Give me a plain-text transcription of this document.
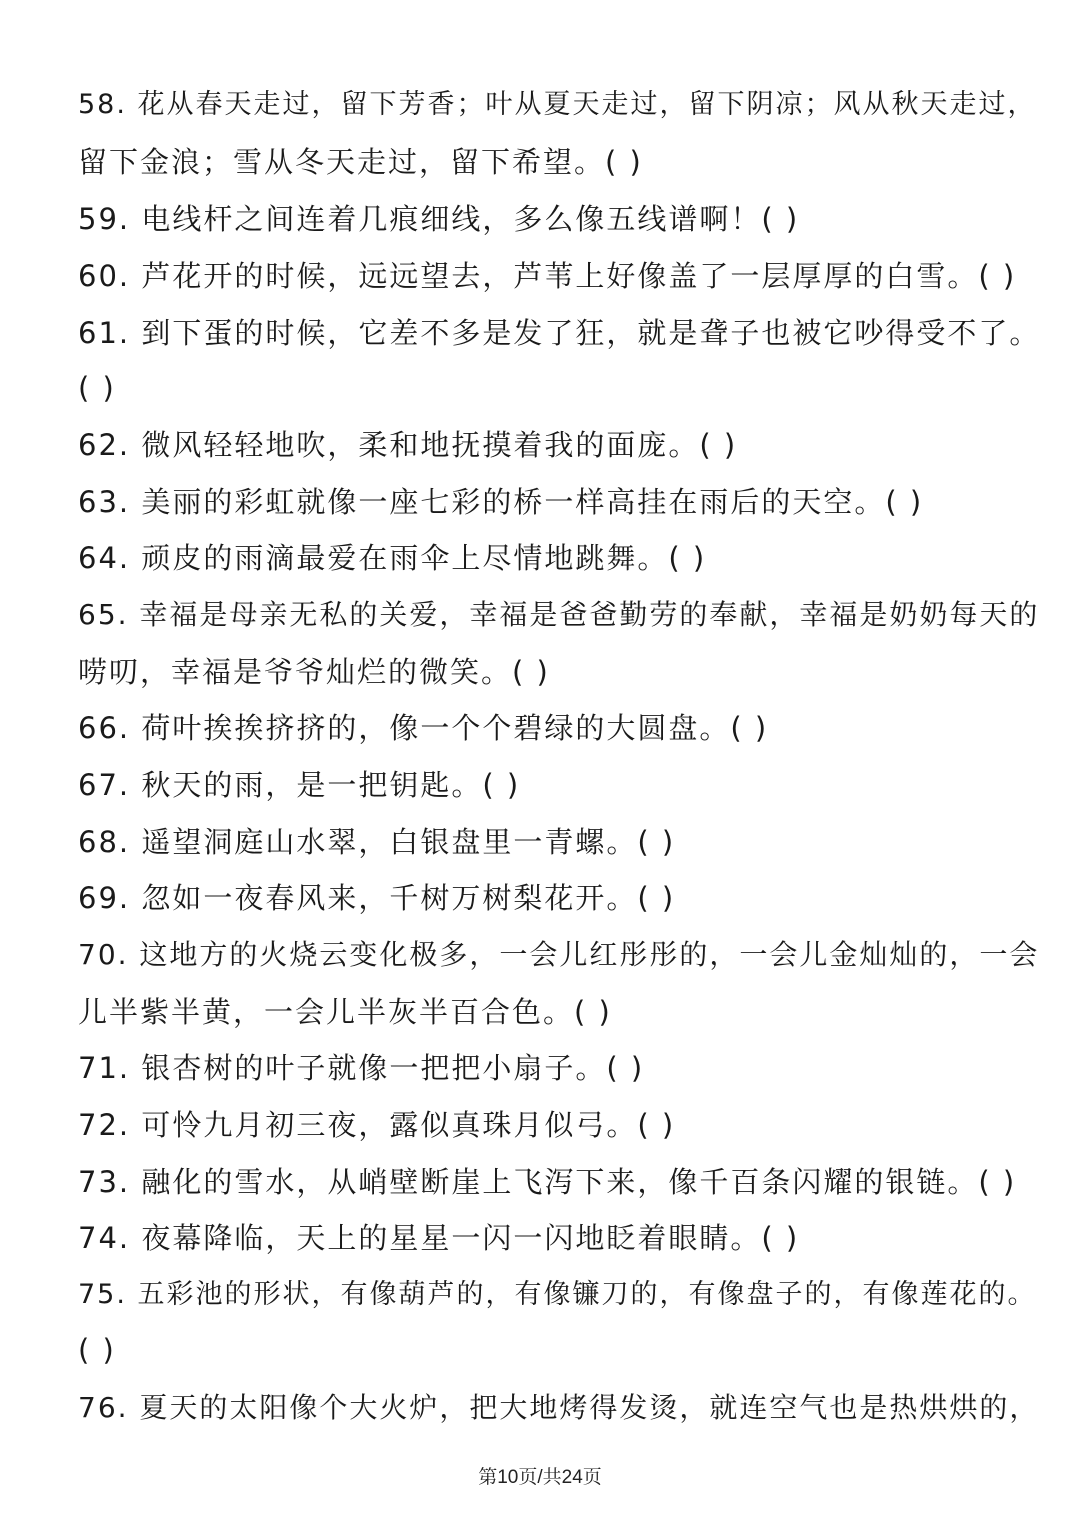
58. 花从春天走过，留下芳香；叶从夏天走过，留下阴凉；风从秋天走过，
留下金浪；雪从冬天走过，留下希望。( )
59. 电线杆之间连着几痕细线，多么像五线谱啊！( )
60. 芦花开的时候，远远望去，芦苇上好像盖了一层厚厚的白雪。( )
61. 到下蛋的时候，它差不多是发了狂，就是聋子也被它吵得受不了。
( )
62. 微风轻轻地吹，柔和地抚摸着我的面庞。( )
63. 美丽的彩虹就像一座七彩的桥一样高挂在雨后的天空。( )
64. 顽皮的雨滴最爱在雨伞上尽情地跳舞。( )
65. 幸福是母亲无私的关爱，幸福是爸爸勤劳的奉献，幸福是奶奶每天的
唠叨，幸福是爷爷灿烂的微笑。( )
66. 荷叶挨挨挤挤的，像一个个碧绿的大圆盘。( )
67. 秋天的雨，是一把钥匙。( )
68. 遥望洞庭山水翠，白银盘里一青螺。( )
69. 忽如一夜春风来，千树万树梨花开。( )
70. 这地方的火烧云变化极多，一会儿红彤彤的，一会儿金灿灿的，一会
儿半紫半黄，一会儿半灰半百合色。( )
71. 银杏树的叶子就像一把把小扇子。( )
72. 可怜九月初三夜，露似真珠月似弓。( )
73. 融化的雪水，从峭壁断崖上飞泻下来，像千百条闪耀的银链。( )
74. 夜幕降临，天上的星星一闪一闪地眨着眼睛。( )
75. 五彩池的形状，有像葫芦的，有像镰刀的，有像盘子的，有像莲花的。
( )
76. 夏天的太阳像个大火炉，把大地烤得发烫，就连空气也是热烘烘的，
第10页/共24页
